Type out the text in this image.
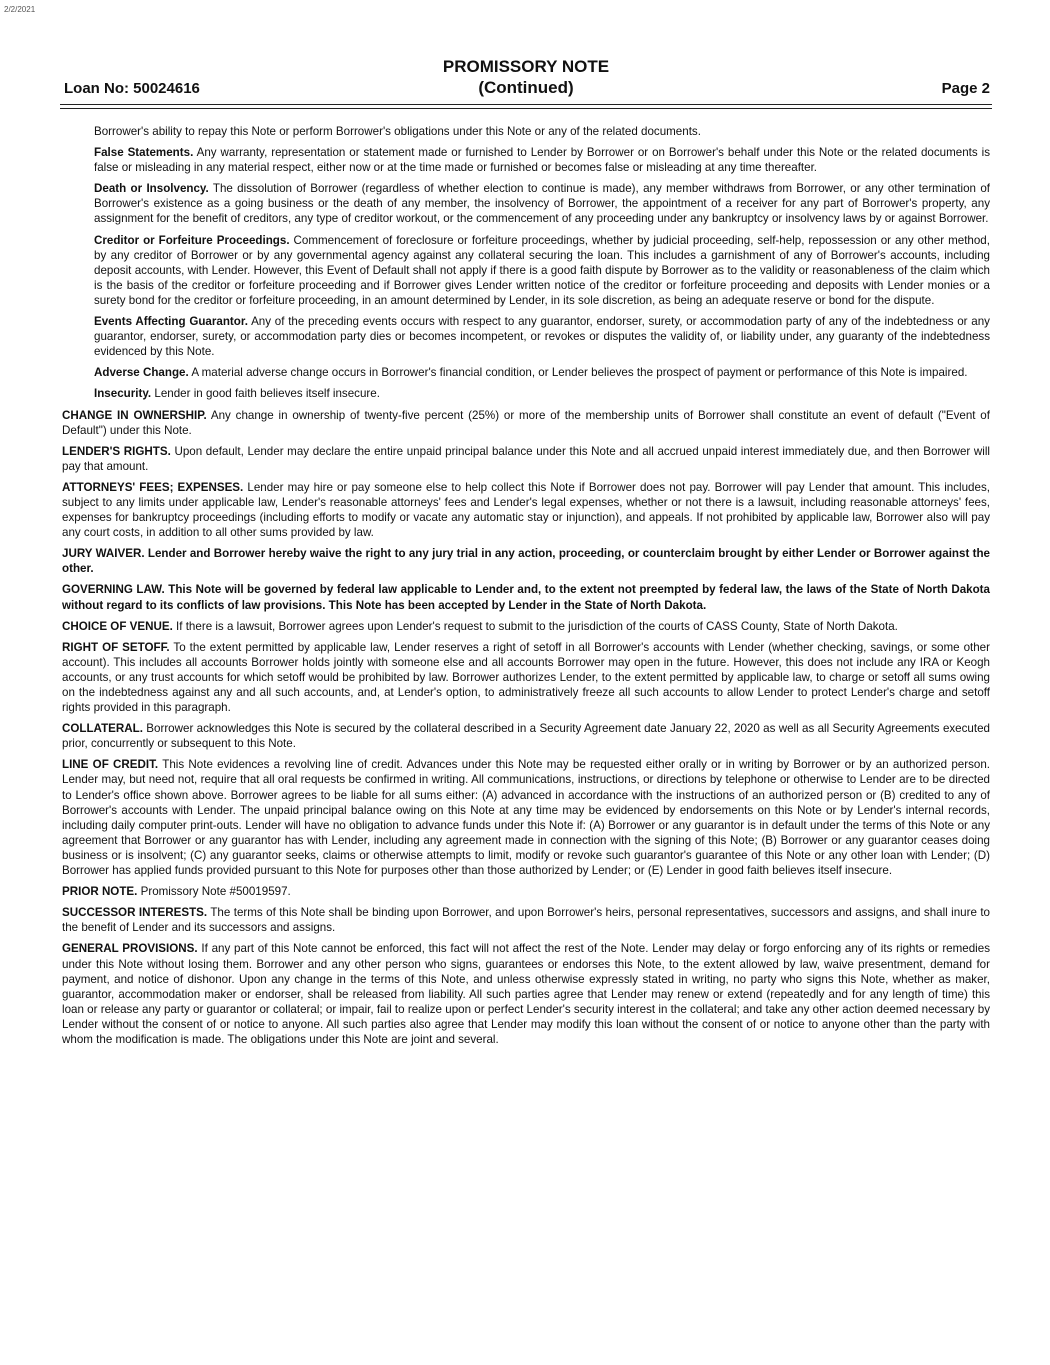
2/2/2021
Loan No: 50024616
PROMISSORY NOTE
(Continued)	Page 2

Borrower's ability to repay this Note or perform Borrower's obligations under this Note or any of the related documents.

False Statements. Any warranty, representation or statement made or furnished to Lender by Borrower or on Borrower's behalf under this Note or the related documents is false or misleading in any material respect, either now or at the time made or furnished or becomes false or misleading at any time thereafter.

Death or Insolvency. The dissolution of Borrower (regardless of whether election to continue is made), any member withdraws from Borrower, or any other termination of Borrower's existence as a going business or the death of any member, the insolvency of Borrower, the appointment of a receiver for any part of Borrower's property, any assignment for the benefit of creditors, any type of creditor workout, or the commencement of any proceeding under any bankruptcy or insolvency laws by or against Borrower.

Creditor or Forfeiture Proceedings. Commencement of foreclosure or forfeiture proceedings, whether by judicial proceeding, self-help, repossession or any other method, by any creditor of Borrower or by any governmental agency against any collateral securing the loan. This includes a garnishment of any of Borrower's accounts, including deposit accounts, with Lender. However, this Event of Default shall not apply if there is a good faith dispute by Borrower as to the validity or reasonableness of the claim which is the basis of the creditor or forfeiture proceeding and if Borrower gives Lender written notice of the creditor or forfeiture proceeding and deposits with Lender monies or a surety bond for the creditor or forfeiture proceeding, in an amount determined by Lender, in its sole discretion, as being an adequate reserve or bond for the dispute.

Events Affecting Guarantor. Any of the preceding events occurs with respect to any guarantor, endorser, surety, or accommodation party of any of the indebtedness or any guarantor, endorser, surety, or accommodation party dies or becomes incompetent, or revokes or disputes the validity of, or liability under, any guaranty of the indebtedness evidenced by this Note.

Adverse Change. A material adverse change occurs in Borrower's financial condition, or Lender believes the prospect of payment or performance of this Note is impaired.

Insecurity. Lender in good faith believes itself insecure.

CHANGE IN OWNERSHIP. Any change in ownership of twenty-five percent (25%) or more of the membership units of Borrower shall constitute an event of default ("Event of Default") under this Note.

LENDER'S RIGHTS. Upon default, Lender may declare the entire unpaid principal balance under this Note and all accrued unpaid interest immediately due, and then Borrower will pay that amount.

ATTORNEYS' FEES; EXPENSES. Lender may hire or pay someone else to help collect this Note if Borrower does not pay. Borrower will pay Lender that amount. This includes, subject to any limits under applicable law, Lender's reasonable attorneys' fees and Lender's legal expenses, whether or not there is a lawsuit, including reasonable attorneys' fees, expenses for bankruptcy proceedings (including efforts to modify or vacate any automatic stay or injunction), and appeals. If not prohibited by applicable law, Borrower also will pay any court costs, in addition to all other sums provided by law.

JURY WAIVER. Lender and Borrower hereby waive the right to any jury trial in any action, proceeding, or counterclaim brought by either Lender or Borrower against the other.

GOVERNING LAW. This Note will be governed by federal law applicable to Lender and, to the extent not preempted by federal law, the laws of the State of North Dakota without regard to its conflicts of law provisions. This Note has been accepted by Lender in the State of North Dakota.

CHOICE OF VENUE. If there is a lawsuit, Borrower agrees upon Lender's request to submit to the jurisdiction of the courts of CASS County, State of North Dakota.

RIGHT OF SETOFF. To the extent permitted by applicable law, Lender reserves a right of setoff in all Borrower's accounts with Lender (whether checking, savings, or some other account). This includes all accounts Borrower holds jointly with someone else and all accounts Borrower may open in the future. However, this does not include any IRA or Keogh accounts, or any trust accounts for which setoff would be prohibited by law. Borrower authorizes Lender, to the extent permitted by applicable law, to charge or setoff all sums owing on the indebtedness against any and all such accounts, and, at Lender's option, to administratively freeze all such accounts to allow Lender to protect Lender's charge and setoff rights provided in this paragraph.

COLLATERAL. Borrower acknowledges this Note is secured by the collateral described in a Security Agreement date January 22, 2020 as well as all Security Agreements executed prior, concurrently or subsequent to this Note.

LINE OF CREDIT. This Note evidences a revolving line of credit. Advances under this Note may be requested either orally or in writing by Borrower or by an authorized person. Lender may, but need not, require that all oral requests be confirmed in writing. All communications, instructions, or directions by telephone or otherwise to Lender are to be directed to Lender's office shown above. Borrower agrees to be liable for all sums either: (A) advanced in accordance with the instructions of an authorized person or (B) credited to any of Borrower's accounts with Lender. The unpaid principal balance owing on this Note at any time may be evidenced by endorsements on this Note or by Lender's internal records, including daily computer print-outs. Lender will have no obligation to advance funds under this Note if: (A) Borrower or any guarantor is in default under the terms of this Note or any agreement that Borrower or any guarantor has with Lender, including any agreement made in connection with the signing of this Note; (B) Borrower or any guarantor ceases doing business or is insolvent; (C) any guarantor seeks, claims or otherwise attempts to limit, modify or revoke such guarantor's guarantee of this Note or any other loan with Lender; (D) Borrower has applied funds provided pursuant to this Note for purposes other than those authorized by Lender; or (E) Lender in good faith believes itself insecure.

PRIOR NOTE. Promissory Note #50019597.

SUCCESSOR INTERESTS. The terms of this Note shall be binding upon Borrower, and upon Borrower's heirs, personal representatives, successors and assigns, and shall inure to the benefit of Lender and its successors and assigns.

GENERAL PROVISIONS. If any part of this Note cannot be enforced, this fact will not affect the rest of the Note. Lender may delay or forgo enforcing any of its rights or remedies under this Note without losing them. Borrower and any other person who signs, guarantees or endorses this Note, to the extent allowed by law, waive presentment, demand for payment, and notice of dishonor. Upon any change in the terms of this Note, and unless otherwise expressly stated in writing, no party who signs this Note, whether as maker, guarantor, accommodation maker or endorser, shall be released from liability. All such parties agree that Lender may renew or extend (repeatedly and for any length of time) this loan or release any party or guarantor or collateral; or impair, fail to realize upon or perfect Lender's security interest in the collateral; and take any other action deemed necessary by Lender without the consent of or notice to anyone. All such parties also agree that Lender may modify this loan without the consent of or notice to anyone other than the party with whom the modification is made. The obligations under this Note are joint and several.
